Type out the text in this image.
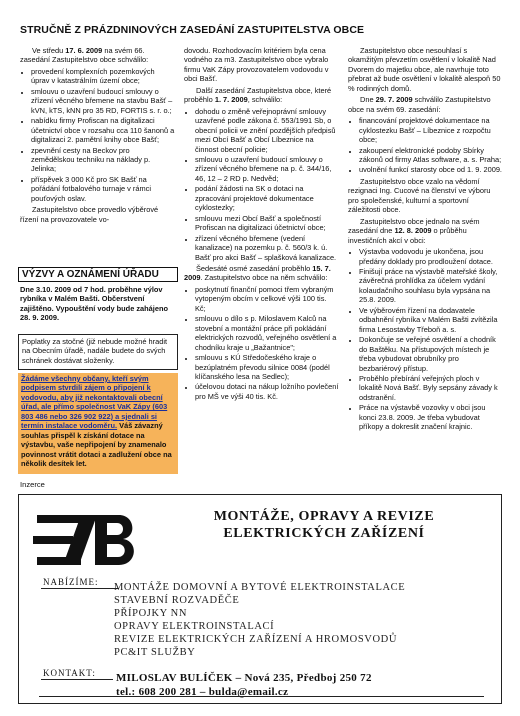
STRUČNĚ Z PRÁZDNINOVÝCH ZASEDÁNÍ ZASTUPITELSTVA OBCE

Ve středu 17. 6. 2009 na svém 66. zasedání Zastupitelstvo obce schválilo:

• provedení komplexních pozemkových úprav v katastrálním území obce;
• smlouvu o uzavření budoucí smlouvy o zřízení věcného břemene na stavbu Bašť – kVN, kTS, kNN pro 35 RD, FORTIS s. r. o.;
• nabídku firmy Profiscan na digitalizaci účetnictví obce v rozsahu cca 110 šanonů a digitalizaci 2. pamětní knihy obce Bašť;
• zpevnění cesty na Beckov pro zemědělskou techniku na náklady p. Jelinka;
• příspěvek 3 000 Kč pro SK Bašť na pořádání fotbalového turnaje v rámci pouťových oslav.

Zastupitelstvo obce provedlo výběrové řízení na provozovatele vo-

VÝZVY A OZNÁMENÍ ÚŘADU

Dne 3.10. 2009 od 7 hod. proběhne výlov rybníka v Malém Bašti. Občerstvení zajištěno. Vypouštění vody bude zahájeno 28. 9. 2009.

Poplatky za stočné (již nebude možné hradit na Obecním úřadě, nadále budete do svých schránek dostávat složenky.
Žádáme všechny občany, kteří svým podpisem stvrdili zájem o připojení k vodovodu, aby již nekontaktovali obecní úřad, ale přímo společnost VaK Zápy (603 803 486 nebo 326 902 922) a sjednali si termín instalace vodoměru. Váš závazný souhlas přispěl k získání dotace na výstavbu, vaše nepřipojení by znamenalo povinnost vrátit dotaci a zadlužení obce na několik desítek let.
Inzerce

dovodu. Rozhodovacím kritériem byla cena vodného za m3. Zastupitelstvo obce vybralo firmu VaK Zápy provozovatelem vodovodu v obci Bašť.

Další zasedání Zastupitelstva obce, které proběhlo 1. 7. 2009, schválilo:

• dohodu o změně veřejnoprávní smlouvy uzavřené podle zákona č. 553/1991 Sb, o obecní policii ve znění pozdějších předpisů mezi Obcí Bašť a Obcí Líbeznice na činnost obecní policie;
• smlouvu o uzavření budoucí smlouvy o zřízení věcného břemene na p. č. 344/16, 46, 12 – 2 RD p. Nedvěd;
• podání žádosti na SK o dotaci na zpracování projektové dokumentace cyklostezky;
• smlouvu mezi Obcí Bašť a společností Profiscan na digitalizaci účetnictví obce;
• zřízení věcného břemene (vedení kanalizace) na pozemku p. č. 560/3 k. ú. Bašť pro akci Bašť – splašková kanalizace.

Šedesáté osmé zasedání proběhlo 15. 7. 2009. Zastupitelstvo obce na něm schválilo:

• poskytnutí finanční pomoci třem vybraným vytopeným obcím v celkové výši 100 tis. Kč;
• smlouvu o dílo s p. Miloslavem Kalců na stovební a montážní práce při pokládání elektrických rozvodů, veřejného osvětlení a chodníku kraje u „Bažantnice";
• smlouvu s KÚ Středočeského kraje o bezúplatném převodu silnice 0084 (podél klíčanského lesa na Sedlec);
• účelovou dotaci na nákup ložního povlečení pro MŠ ve výši 40 tis. Kč.

Zastupitelstvo obce nesouhlasí s okamžitým převzetím osvětlení v lokalitě Nad Dvorem do majetku obce, ale navrhuje toto přebrat až bude osvětlení v lokalitě alespoň 50 % rodinných domů.

Dne 29. 7. 2009 schválilo Zastupitelstvo obce na svém 69. zasedání:

• financování projektové dokumentace na cyklostezku Bašť – Líbeznice z rozpočtu obce;
• zakoupení elektronické podoby Sbírky zákonů od firmy Atlas software, a. s. Praha;
• uvolnění funkcí starosty obce od 1. 9. 2009.

Zastupitelstvo obce vzalo na vědomí rezignaci Ing. Cucové na členství ve výboru pro společenské, kulturní a sportovní záležitosti obce.

Zastupitelstvo obce jednalo na svém zasedání dne 12. 8. 2009 o průběhu investičních akcí v obci:

• Výstavba vodovodu je ukončena, jsou předány doklady pro prodloužení dotace.
• Finišují práce na výstavbě mateřské školy, závěrečná prohlídka za účelem vydání kolaudačního souhlasu byla vypsána na 25.8. 2009.
• Ve výběrovém řízení na dodavatele odbahnění rybníka v Malém Bašti zvítězila firma Lesostavby Třeboň a. s.
• Dokončuje se veřejné osvětlení a chodník do Baštěku. Na přístupových místech je třeba vybudovat obrubníky pro bezbariérový přístup.
• Proběhlo přebírání veřejných ploch v lokalitě Nová Bašť. Byly sepsány závady k odstranění.
• Práce na výstavbě vozovky v obci jsou konci 23.8. 2009. Je třeba vybudovat příkopy a dokreslit značení krajnic.
MONTÁŽE, OPRAVY A REVIZE
ELEKTRICKÝCH ZAŘÍZENÍ
NABÍZÍME: MONTÁŽE DOMOVNÍ A BYTOVÉ ELEKTROINSTALACE
STAVEBNÍ ROZVADĚČE
PŘÍPOJKY NN
OPRAVY ELEKTROINSTALACÍ
REVIZE ELEKTRICKÝCH ZAŘÍZENÍ A HROMOSVODŮ
PC&IT SLUŽBY
KONTAKT: MILOSLAV BULÍČEK – Nová 235, Předboj 250 72
tel.: 608 200 281 – bulda@email.cz
